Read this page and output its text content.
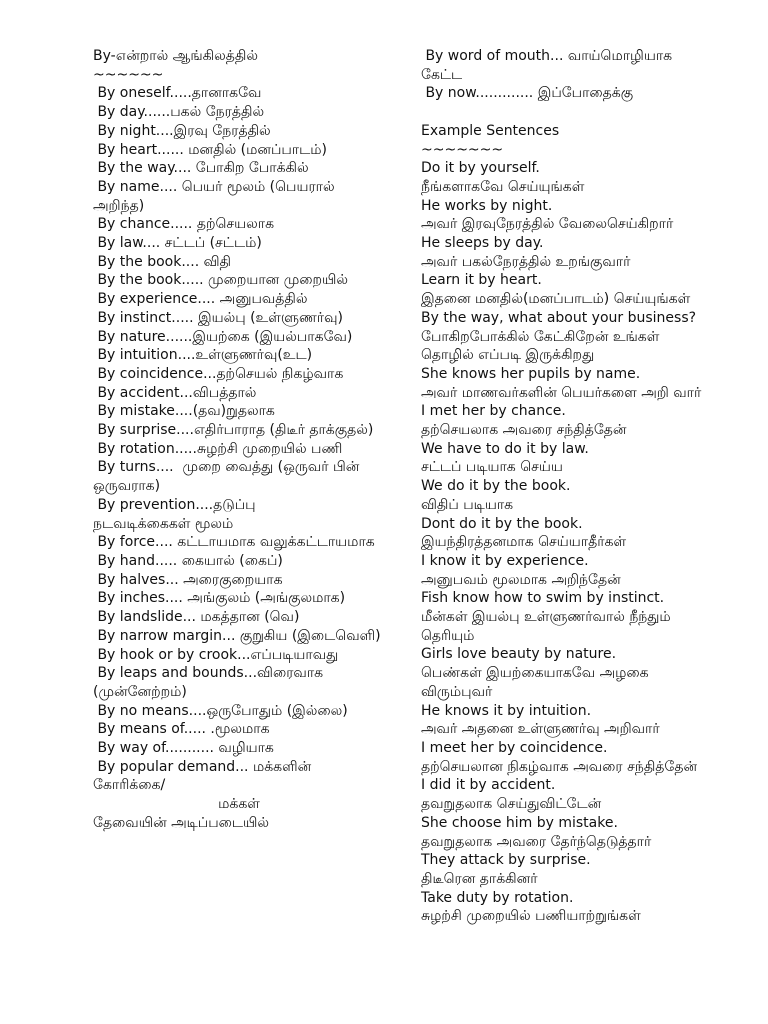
By-௭ன்றால் ஆங்கிலத்தில்
~~~~~~
By oneself.....தானாகவே
By day......பகல் நேரத்தில்
By night....இரவு நேரத்தில்
By heart...... மனதில் (மனப்பாடம்)
By the way.... போகிற போக்கில்
By name.... பெயர் மூலம் (பெயரால் அறிந்த)
By chance..... தற்செயலாக
By law.... சட்டப் (சட்டம்)
By the book.... விதி
By the book..... முறையான முறையில்
By experience.... அனுபவத்தில்
By instinct..... இயல்பு (உள்ளுணர்வு)
By nature......இயற்கை (இயல்பாகவே)
By intuition....உள்ளுணர்வு(உட)
By coincidence...தற்செயல் நிகழ்வாக
By accident...விபத்தால்
By mistake....(தவ)றுதலாக
By surprise....எதிர்பாராத (திடீர் தாக்குதல்)
By rotation.....சுழற்சி முறையில் பணி
By turns....  முறை வைத்து (ஒருவர் பின் ஒருவராக)
By prevention....தடுப்பு
நடவடிக்கைகள் மூலம்
By force.... கட்டாயமாக வலுக்கட்டாயமாக
By hand..... கையால் (கைப்)
By halves... அரைகுறையாக
By inches.... அங்குலம் (அங்குலமாக)
By landslide... மகத்தான (வெ)
By narrow margin... குறுகிய (இடைவெளி)
By hook or by crook...எப்படியாவது
By leaps and bounds...விரைவாக (முன்னேற்றம்)
By no means....ஒருபோதும் (இல்லை)
By means of..... .மூலமாக
By way of........... வழியாக
By popular demand... மக்களின் கோரிக்கை/
மக்கள்
தேவையின் அடிப்படையில்
By word of mouth... வாய்மொழியாக கேட்ட
By now............. இப்போதைக்கு
Example Sentences
~~~~~~~
Do it by yourself.
நீங்களாகவே செய்யுங்கள்
He works by night.
அவர் இரவுநேரத்தில் வேலைசெய்கிறார்
He sleeps by day.
அவர் பகல்நேரத்தில் உறங்குவார்
Learn it by heart.
இதனை மனதில்(மனப்பாடம்) செய்யுங்கள்
By the way, what about your business?
போகிறபோக்கில் கேட்கிறேன் உங்கள் தொழில் எப்படி இருக்கிறது
She knows her pupils by name.
அவர் மாணவர்களின் பெயர்களை அறி வார்
I met her by chance.
தற்செயலாக அவரை சந்தித்தேன்
We have to do it by law.
சட்டப் படியாக செய்ய
We do it by the book.
விதிப் படியாக
Dont do it by the book.
இயந்திரத்தனமாக செய்யாதீர்கள்
I know it by experience.
அனுபவம் மூலமாக அறிந்தேன்
Fish know how to swim by instinct.
மீன்கள் இயல்பு உள்ளுணர்வால் நீந்தும் தெரியும்
Girls love beauty by nature.
பெண்கள் இயற்கையாகவே அழகை விரும்புவர்
He knows it by intuition.
அவர் அதனை உள்ளுணர்வு அறிவார்
I meet her by coincidence.
தற்செயலான நிகழ்வாக அவரை சந்தித்தேன்
I did it by accident.
தவறுதலாக செய்துவிட்டேன்
She choose him by mistake.
தவறுதலாக அவரை தேர்ந்தெடுத்தார்
They attack by surprise.
திடீரென தாக்கினர்
Take duty by rotation.
சுழற்சி முறையில் பணியாற்றுங்கள்
